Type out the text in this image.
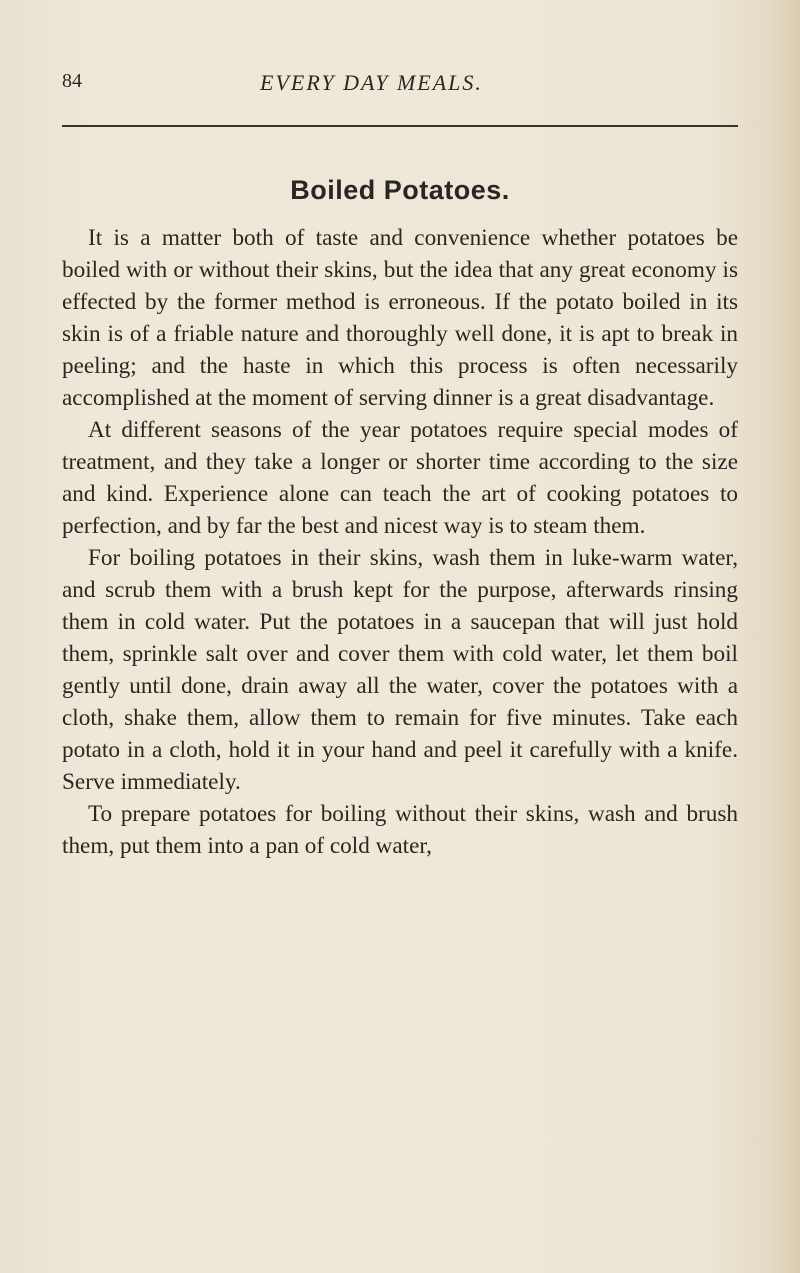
84	EVERY DAY MEALS.
Boiled Potatoes.

It is a matter both of taste and convenience whether potatoes be boiled with or without their skins, but the idea that any great economy is effected by the former method is erroneous. If the potato boiled in its skin is of a friable nature and thoroughly well done, it is apt to break in peeling; and the haste in which this process is often necessarily accomplished at the moment of serving dinner is a great disadvantage.

At different seasons of the year potatoes require special modes of treatment, and they take a longer or shorter time according to the size and kind. Experience alone can teach the art of cooking potatoes to perfection, and by far the best and nicest way is to steam them.

For boiling potatoes in their skins, wash them in luke-warm water, and scrub them with a brush kept for the purpose, afterwards rinsing them in cold water. Put the potatoes in a saucepan that will just hold them, sprinkle salt over and cover them with cold water, let them boil gently until done, drain away all the water, cover the potatoes with a cloth, shake them, allow them to remain for five minutes. Take each potato in a cloth, hold it in your hand and peel it carefully with a knife. Serve immediately.

To prepare potatoes for boiling without their skins, wash and brush them, put them into a pan of cold water,
